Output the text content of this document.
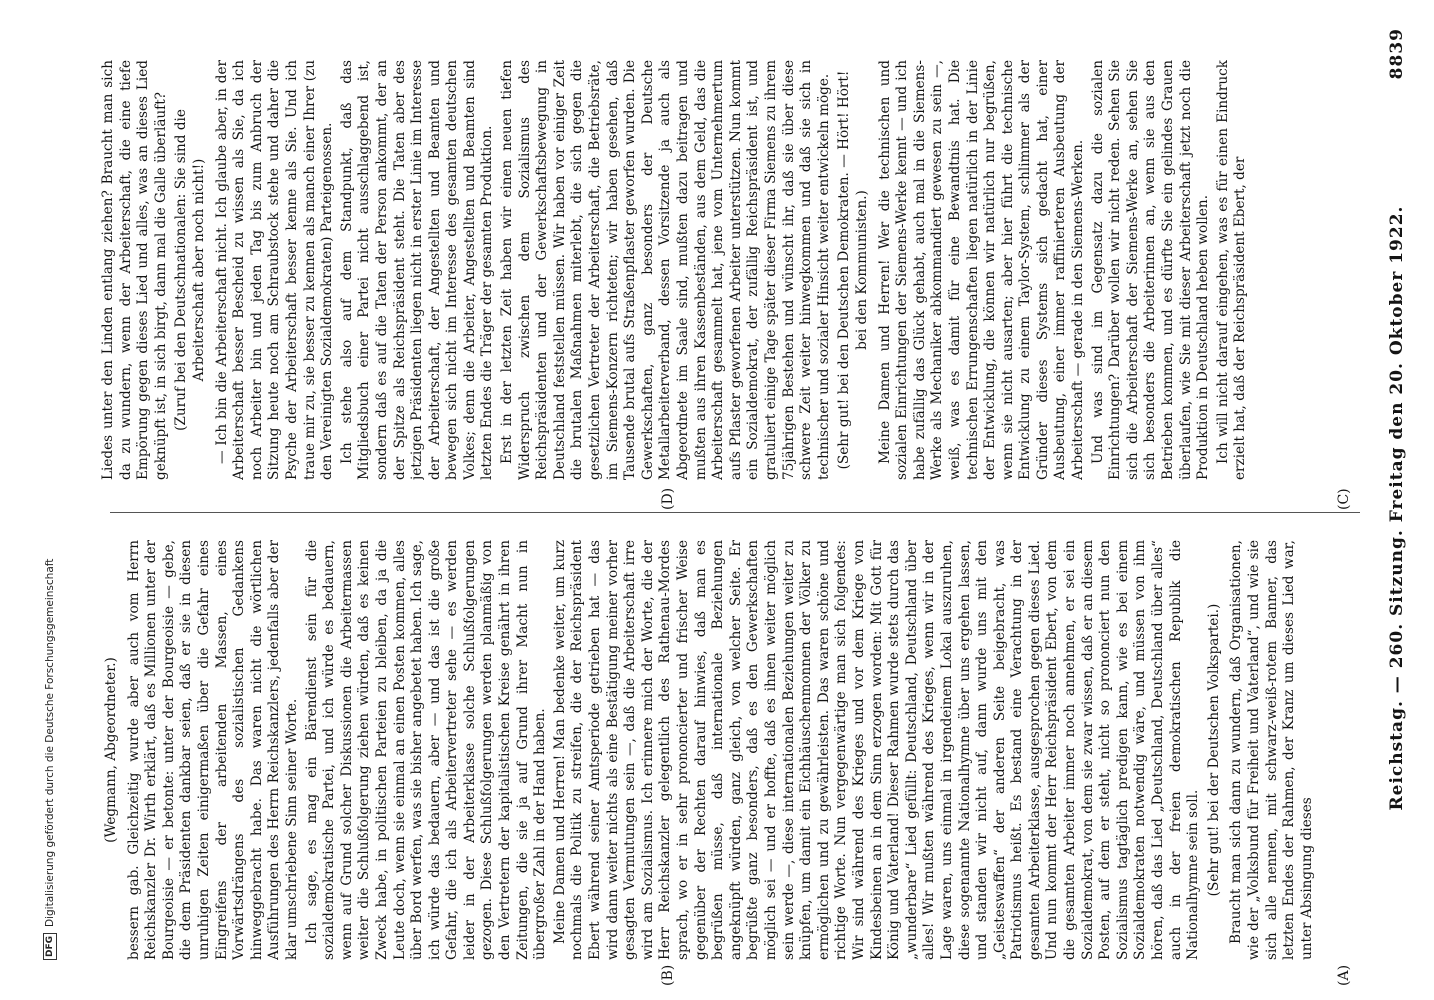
Reichstag. — 260. Sitzung. Freitag den 20. Oktober 1922.
8839
(A)
(B)
(C)
(D)

(Wegmann, Abgeordneter.) bessern gab. Gleichzeitig wurde aber auch vom Herrn Reichskanzler Dr. Wirth erklärt, daß es Millionen unter der Bourgeoisie — er betonte: unter der Bourgeoisie — gebe, die dem Präsidenten dankbar seien, daß er sie in diesen unruhigen Zeiten einigermaßen über die Gefahr eines Eingreifens der arbeitenden Massen, eines Vorwärtsdrängens des sozialistischen Gedankens hinweggebracht habe. Das waren nicht die wörtlichen Ausführungen des Herrn Reichskanzlers, jedenfalls aber der klar umschriebene Sinn seiner Worte. Ich sage, es mag ein Bärendienst sein für die sozialdemokratische Partei, und ich würde es bedauern, wenn auf Grund solcher Diskussionen die Arbeitermassen weiter die Schlußfolgerung ziehen würden, daß es keinen Zweck habe, in politischen Parteien zu bleiben, da ja die Leute doch, wenn sie einmal an einen Posten kommen, alles über Bord werfen, was sie bisher angebetet haben. Ich sage, ich würde das bedauern, aber — und das ist die große Gefahr, die ich als Arbeitervertreter sehe — es werden leider in der Arbeiterklasse solche Schlußfolgerungen gezogen. Diese Schlußfolgerungen werden planmäßig von den Vertretern der kapitalistischen Kreise genährt in ihren Zeitungen, die sie ja auf Grund ihrer Macht nun in übergroßer Zahl in der Hand haben. Meine Damen und Herren! Man bedenke weiter, um kurz nochmals die Politik zu streifen, die der Reichspräsident Ebert während seiner Amtsperiode getrieben hat — das wird dann weiter nichts als eine Bestätigung meiner vorher gesagten Vermutungen sein —, daß die Arbeiterschaft irre wird am Sozialismus. Ich erinnere mich der Worte, die der Herr Reichskanzler gelegentlich des Rathenau-Mordes sprach, wo er in sehr prononcierter und frischer Weise gegenüber der Rechten darauf hinwies, daß man es begrüßen müsse, daß internationale Beziehungen angeknüpft würden, ganz gleich, von welcher Seite. Er begrüßte ganz besonders, daß es den Gewerkschaften möglich sei — und er hoffte, daß es ihnen weiter möglich sein werde —, diese internationalen Beziehungen weiter zu knüpfen, um damit ein Eichhäuschenmonnen der Völker zu ermöglichen und zu gewährleisten. Das waren schöne und richtige Worte. Nun vergegenwärtige man sich folgendes: Wir sind während des Krieges und vor dem Kriege von Kindesbeinen an in dem Sinn erzogen worden: Mit Gott für König und Vaterland! Dieser Rahmen wurde stets durch das „wunderbare“ Lied gefüllt: Deutschland, Deutschland über alles! Wir mußten während des Krieges, wenn wir in der Lage waren, uns einmal in irgendeinem Lokal auszuruhen, diese sogenannte Nationalhymne über uns ergehen lassen, und standen wir nicht auf, dann wurde uns mit den „Geisteswaffen“ der anderen Seite beigebracht, was Patriotismus heißt. Es bestand eine Verachtung in der gesamten Arbeiterklasse, ausgesprochen gegen dieses Lied. Und nun kommt der Herr Reichspräsident Ebert, von dem die gesamten Arbeiter immer noch annehmen, er sei ein Sozialdemokrat, von dem sie zwar wissen, daß er an diesem Posten, auf dem er steht, nicht so prononciert nun den Sozialismus tagtäglich predigen kann, wie es bei einem Sozialdemokraten notwendig wäre, und müssen von ihm hören, daß das Lied „Deutschland, Deutschland über alles“ auch in der freien demokratischen Republik die Nationalhymne sein soll. (Sehr gut! bei der Deutschen Volkspartei.) Braucht man sich dann zu wundern, daß Organisationen, wie der „Volksbund für Freiheit und Vaterland“, und wie sie sich alle nennen, mit schwarz-weiß-rotem Banner, das letzten Endes der Rahmen, der Kranz um dieses Lied war, unter Absingung dieses

Liedes unter den Linden entlang ziehen? Braucht man sich da zu wundern, wenn der Arbeiterschaft, die eine tiefe Empörung gegen dieses Lied und alles, was an dieses Lied geknüpft ist, in sich birgt, dann mal die Galle überläuft? (Zuruf bei den Deutschnationalen: Sie sind die Arbeiterschaft aber noch nicht!) — Ich bin die Arbeiterschaft nicht. Ich glaube aber, in der Arbeiterschaft besser Bescheid zu wissen als Sie, da ich noch Arbeiter bin und jeden Tag bis zum Anbruch der Sitzung heute noch am Schraubstock stehe und daher die Psyche der Arbeiterschaft besser kenne als Sie. Und ich traue mir zu, sie besser zu kennen als manch einer Ihrer (zu den Vereinigten Sozialdemokraten) Parteigenossen. Ich stehe also auf dem Standpunkt, daß das Mitgliedsbuch einer Partei nicht ausschlaggebend ist, sondern daß es auf die Taten der Person ankommt, der an der Spitze als Reichspräsident steht. Die Taten aber des jetzigen Präsidenten liegen nicht in erster Linie im Interesse der Arbeiterschaft, der Angestellten und Beamten und bewegen sich nicht im Interesse des gesamten deutschen Volkes; denn die Arbeiter, Angestellten und Beamten sind letzten Endes die Träger der gesamten Produktion. Erst in der letzten Zeit haben wir einen neuen tiefen Widerspruch zwischen dem Sozialismus des Reichspräsidenten und der Gewerkschaftsbewegung in Deutschland feststellen müssen. Wir haben vor einiger Zeit die brutalen Maßnahmen miterlebt, die sich gegen die gesetzlichen Vertreter der Arbeiterschaft, die Betriebsräte, im Siemens-Konzern richteten; wir haben gesehen, daß Tausende brutal aufs Straßenpflaster geworfen wurden. Die Gewerkschaften, ganz besonders der Deutsche Metallarbeiterverband, dessen Vorsitzende ja auch als Abgeordnete im Saale sind, mußten dazu beitragen und mußten aus ihren Kassenbeständen, aus dem Geld, das die Arbeiterschaft gesammelt hat, jene vom Unternehmertum aufs Pflaster geworfenen Arbeiter unterstützen. Nun kommt ein Sozialdemokrat, der zufällig Reichspräsident ist, und gratuliert einige Tage später dieser Firma Siemens zu ihrem 75jährigen Bestehen und wünscht ihr, daß sie über diese schwere Zeit weiter hinwegkommen und daß sie sich in technischer und sozialer Hinsicht weiter entwickeln möge. (Sehr gut! bei den Deutschen Demokraten. — Hört! Hört! bei den Kommunisten.) Meine Damen und Herren! Wer die technischen und sozialen Einrichtungen der Siemens-Werke kennt — und ich habe zufällig das Glück gehabt, auch mal in die Siemens-Werke als Mechaniker abkommandiert gewesen zu sein —, weiß, was es damit für eine Bewandtnis hat. Die technischen Errungenschaften liegen natürlich in der Linie der Entwicklung, die können wir natürlich nur begrüßen, wenn sie nicht ausarten; aber hier führt die technische Entwicklung zu einem Taylor-System, schlimmer als der Gründer dieses Systems sich gedacht hat, einer Ausbeutung, einer immer raffinierteren Ausbeutung der Arbeiterschaft — gerade in den Siemens-Werken. Und was sind im Gegensatz dazu die sozialen Einrichtungen? Darüber wollen wir nicht reden. Sehen Sie sich die Arbeiterschaft der Siemens-Werke an, sehen Sie sich besonders die Arbeiterinnen an, wenn sie aus den Betrieben kommen, und es dürfte Sie ein gelindes Grauen überlaufen, wie Sie mit dieser Arbeiterschaft jetzt noch die Produktion in Deutschland heben wollen. Ich will nicht darauf eingehen, was es für einen Eindruck erzielt hat, daß der Reichspräsident Ebert, der

DFG
Digitalisierung gefördert durch die Deutsche Forschungsgemeinschaft
